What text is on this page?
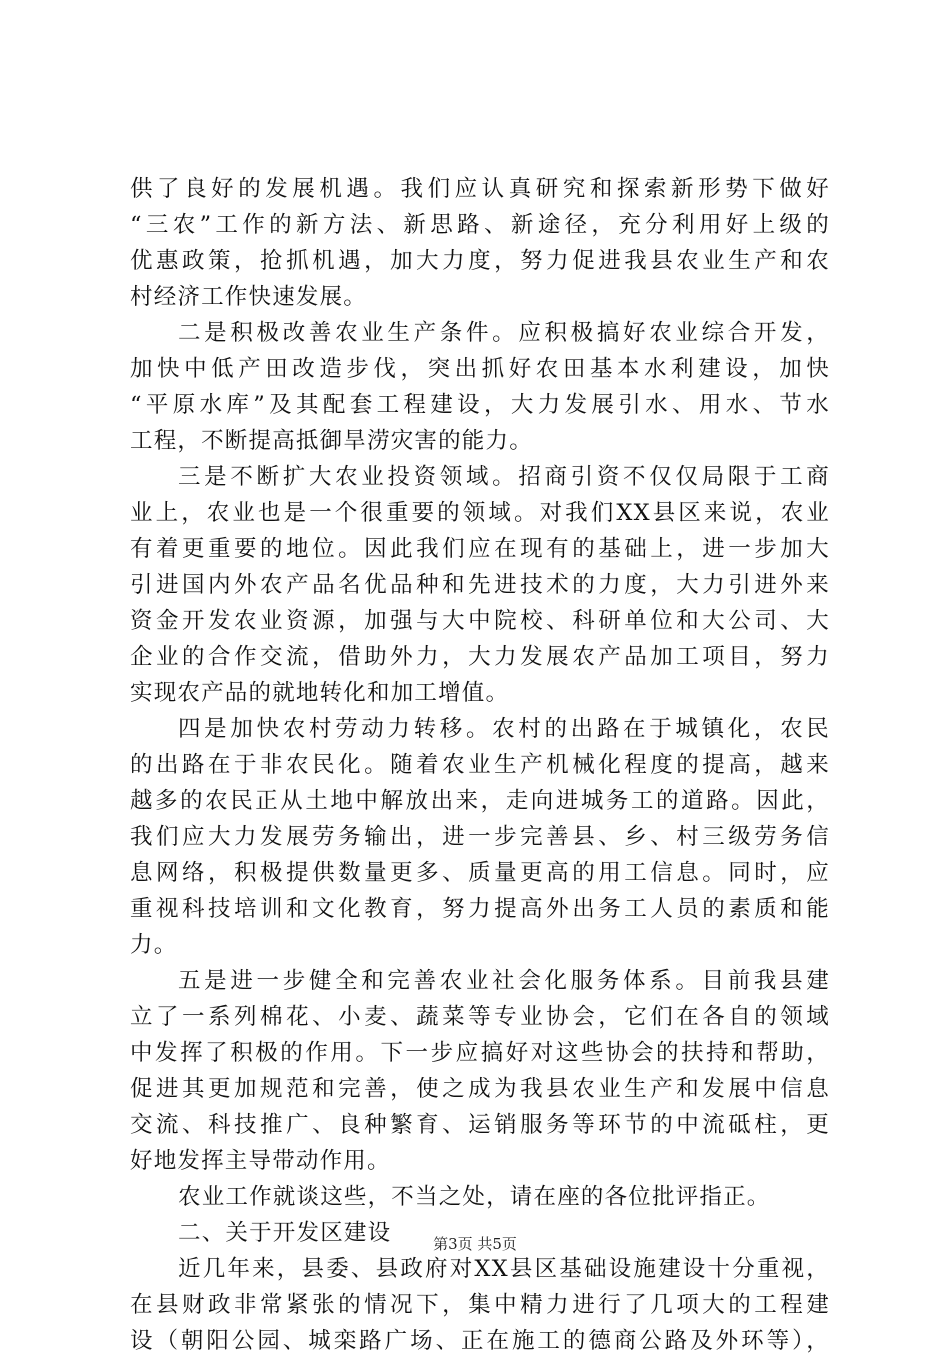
供了良好的发展机遇。我们应认真研究和探索新形势下做好
“三农”工作的新方法、新思路、新途径，充分利用好上级的
优惠政策，抢抓机遇，加大力度，努力促进我县农业生产和农
村经济工作快速发展。
二是积极改善农业生产条件。应积极搞好农业综合开发，
加快中低产田改造步伐，突出抓好农田基本水利建设，加快
“平原水库”及其配套工程建设，大力发展引水、用水、节水
工程，不断提高抵御旱涝灾害的能力。
三是不断扩大农业投资领域。招商引资不仅仅局限于工商
业上，农业也是一个很重要的领域。对我们XX县区来说，农业
有着更重要的地位。因此我们应在现有的基础上，进一步加大
引进国内外农产品名优品种和先进技术的力度，大力引进外来
资金开发农业资源，加强与大中院校、科研单位和大公司、大
企业的合作交流，借助外力，大力发展农产品加工项目，努力
实现农产品的就地转化和加工增值。
四是加快农村劳动力转移。农村的出路在于城镇化，农民
的出路在于非农民化。随着农业生产机械化程度的提高，越来
越多的农民正从土地中解放出来，走向进城务工的道路。因此，
我们应大力发展劳务输出，进一步完善县、乡、村三级劳务信
息网络，积极提供数量更多、质量更高的用工信息。同时，应
重视科技培训和文化教育，努力提高外出务工人员的素质和能
力。
五是进一步健全和完善农业社会化服务体系。目前我县建
立了一系列棉花、小麦、蔬菜等专业协会，它们在各自的领域
中发挥了积极的作用。下一步应搞好对这些协会的扶持和帮助，
促进其更加规范和完善，使之成为我县农业生产和发展中信息
交流、科技推广、良种繁育、运销服务等环节的中流砥柱，更
好地发挥主导带动作用。
农业工作就谈这些，不当之处，请在座的各位批评指正。
二、关于开发区建设
近几年来，县委、县政府对XX县区基础设施建设十分重视，
在县财政非常紧张的情况下，集中精力进行了几项大的工程建
设（朝阳公园、城栾路广场、正在施工的德商公路及外环等），
第3页 共5页
